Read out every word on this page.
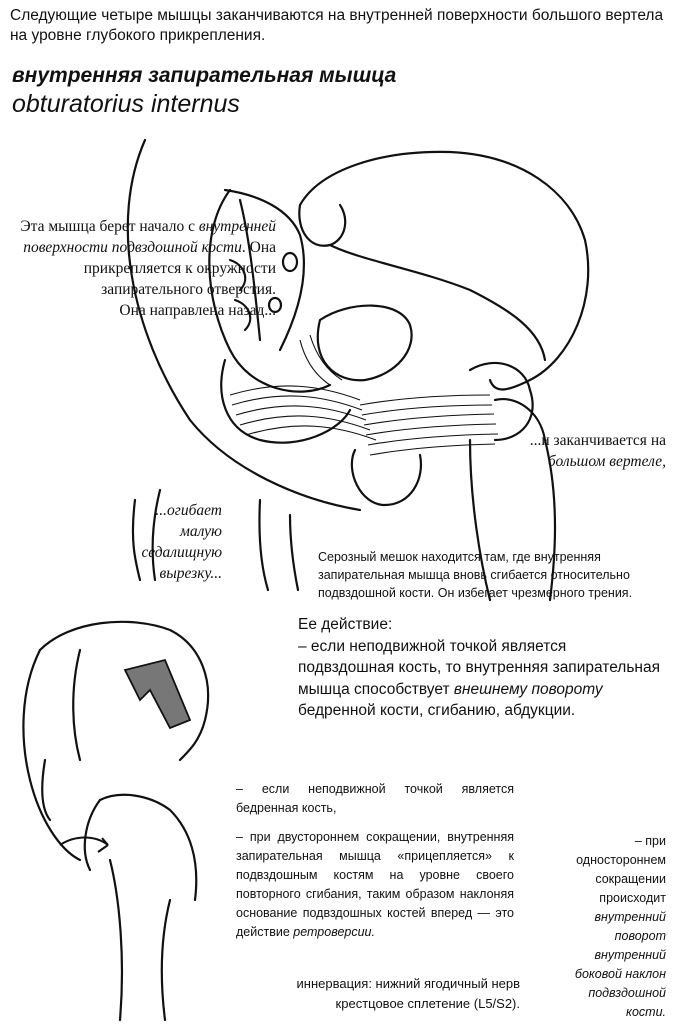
Следующие четыре мышцы заканчиваются на внутренней поверхности большого вертела на уровне глубокого прикрепления.
внутренняя запирательная мышца
obturatorius internus
Эта мышца берет начало с внутренней поверхности подвздошной кости. Она прикрепляется к окружности запирательного отверстия.
Она направлена назад...
...и заканчивается на большом вертеле,
...огибает малую седалищную вырезку...
Серозный мешок находится там, где внутренняя запирательная мышца вновь сгибается относительно подвздошной кости. Он избегает чрезмерного трения.
Ее действие:
– если неподвижной точкой является
подвздошная кость, то внутренняя запирательная мышца способствует внешнему повороту бедренной кости, сгибанию, абдукции.
– если неподвижной точкой является бедренная кость,
– при двустороннем сокращении, внутренняя запирательная мышца «прицепляется» к подвздошным костям на уровне своего повторного сгибания, таким образом наклоняя основание подвздошных костей вперед — это действие ретроверсии.
– при одностороннем сокращении происходит внутренний поворот внутренний боковой наклон подвздошной кости.
иннервация: нижний ягодичный нерв
крестцовое сплетение (L5/S2).
